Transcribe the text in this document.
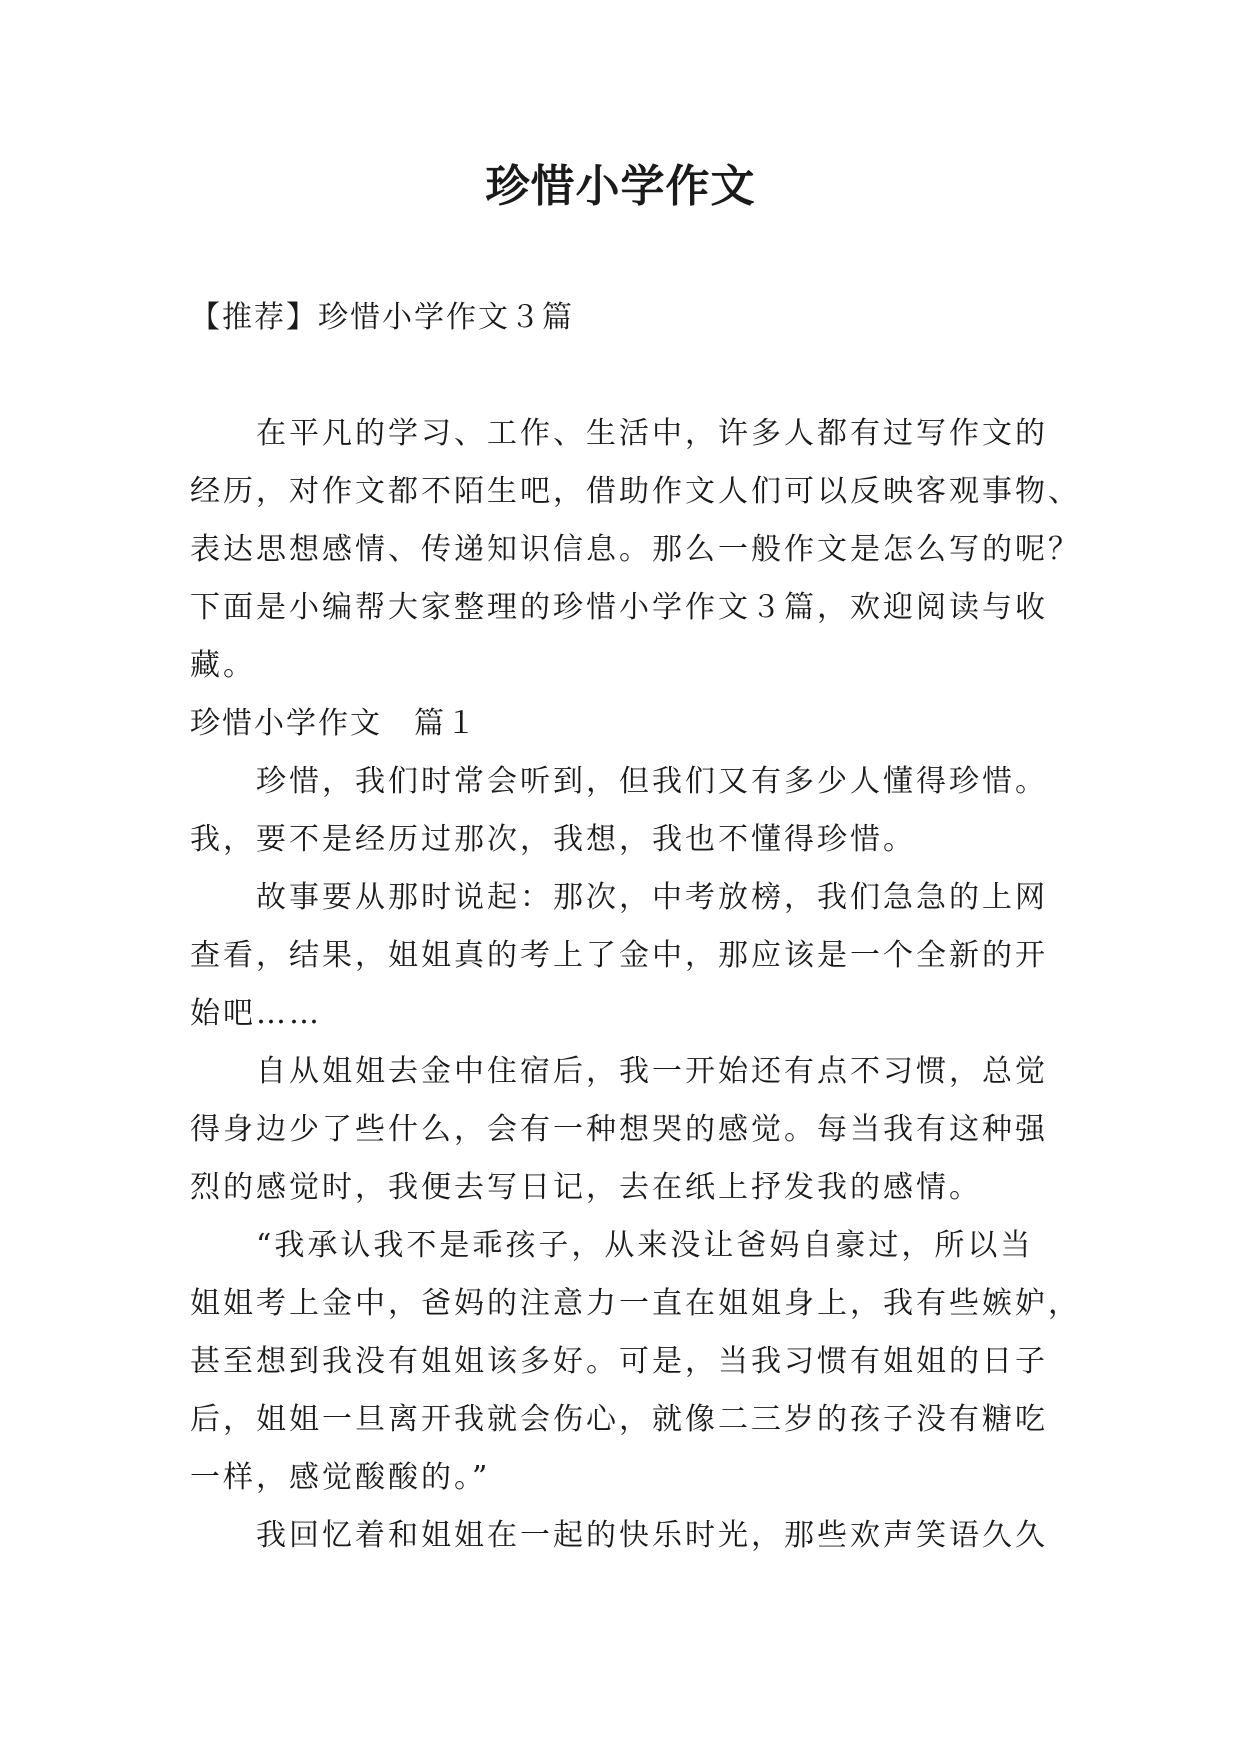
珍惜小学作文
【推荐】珍惜小学作文３篇
在平凡的学习、工作、生活中，许多人都有过写作文的
经历，对作文都不陌生吧，借助作文人们可以反映客观事物、
表达思想感情、传递知识信息。那么一般作文是怎么写的呢？
下面是小编帮大家整理的珍惜小学作文３篇，欢迎阅读与收
藏。
珍惜小学作文　篇１
珍惜，我们时常会听到，但我们又有多少人懂得珍惜。
我，要不是经历过那次，我想，我也不懂得珍惜。
故事要从那时说起：那次，中考放榜，我们急急的上网
查看，结果，姐姐真的考上了金中，那应该是一个全新的开
始吧……
自从姐姐去金中住宿后，我一开始还有点不习惯，总觉
得身边少了些什么，会有一种想哭的感觉。每当我有这种强
烈的感觉时，我便去写日记，去在纸上抒发我的感情。
“我承认我不是乖孩子，从来没让爸妈自豪过，所以当
姐姐考上金中，爸妈的注意力一直在姐姐身上，我有些嫉妒，
甚至想到我没有姐姐该多好。可是，当我习惯有姐姐的日子
后，姐姐一旦离开我就会伤心，就像二三岁的孩子没有糖吃
一样，感觉酸酸的。”
我回忆着和姐姐在一起的快乐时光，那些欢声笑语久久
